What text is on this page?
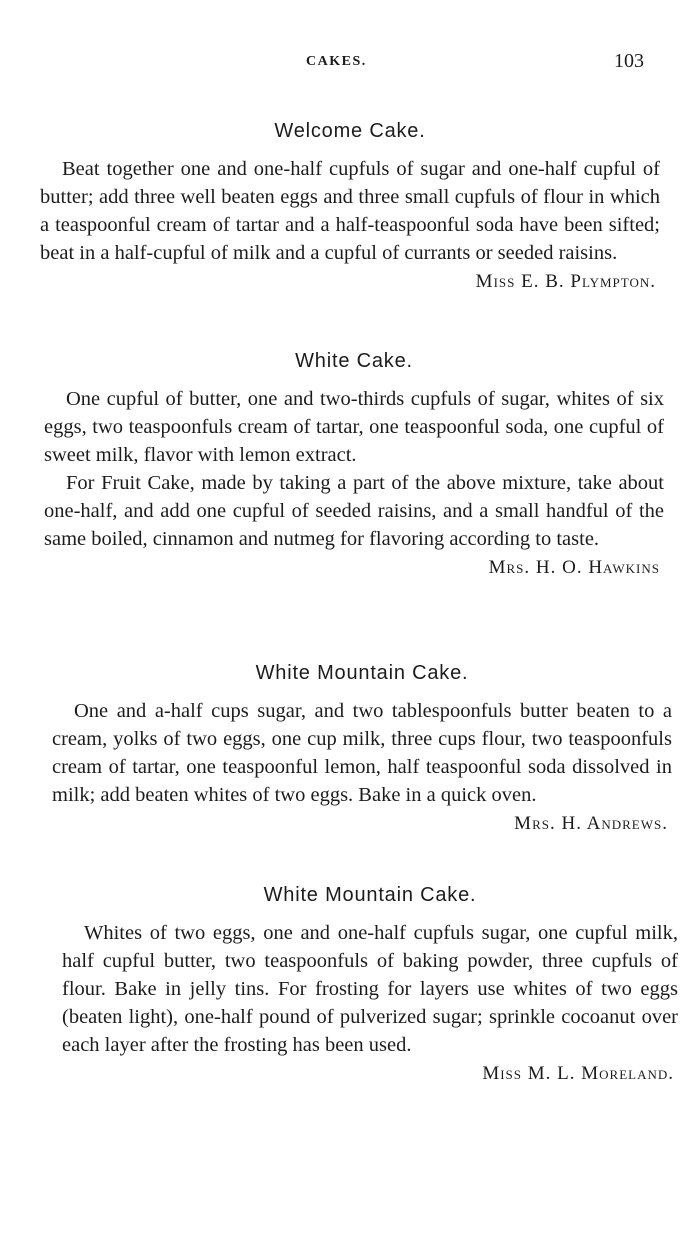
CAKES.	103
Welcome Cake.

Beat together one and one-half cupfuls of sugar and one-half cupful of butter; add three well beaten eggs and three small cupfuls of flour in which a teaspoonful cream of tartar and a half-teaspoonful soda have been sifted; beat in a half-cupful of milk and a cupful of currants or seeded raisins.

Miss E. B. Plympton.
White Cake.

One cupful of butter, one and two-thirds cupfuls of sugar, whites of six eggs, two teaspoonfuls cream of tartar, one teaspoonful soda, one cupful of sweet milk, flavor with lemon extract.

For Fruit Cake, made by taking a part of the above mixture, take about one-half, and add one cupful of seeded raisins, and a small handful of the same boiled, cinnamon and nutmeg for flavoring according to taste.

Mrs. H. O. Hawkins
White Mountain Cake.

One and a-half cups sugar, and two tablespoonfuls butter beaten to a cream, yolks of two eggs, one cup milk, three cups flour, two teaspoonfuls cream of tartar, one teaspoonful lemon, half teaspoonful soda dissolved in milk; add beaten whites of two eggs. Bake in a quick oven.

Mrs. H. Andrews.
White Mountain Cake.

Whites of two eggs, one and one-half cupfuls sugar, one cupful milk, half cupful butter, two teaspoonfuls of baking powder, three cupfuls of flour. Bake in jelly tins. For frosting for layers use whites of two eggs (beaten light), one-half pound of pulverized sugar; sprinkle cocoanut over each layer after the frosting has been used.

Miss M. L. Moreland.
